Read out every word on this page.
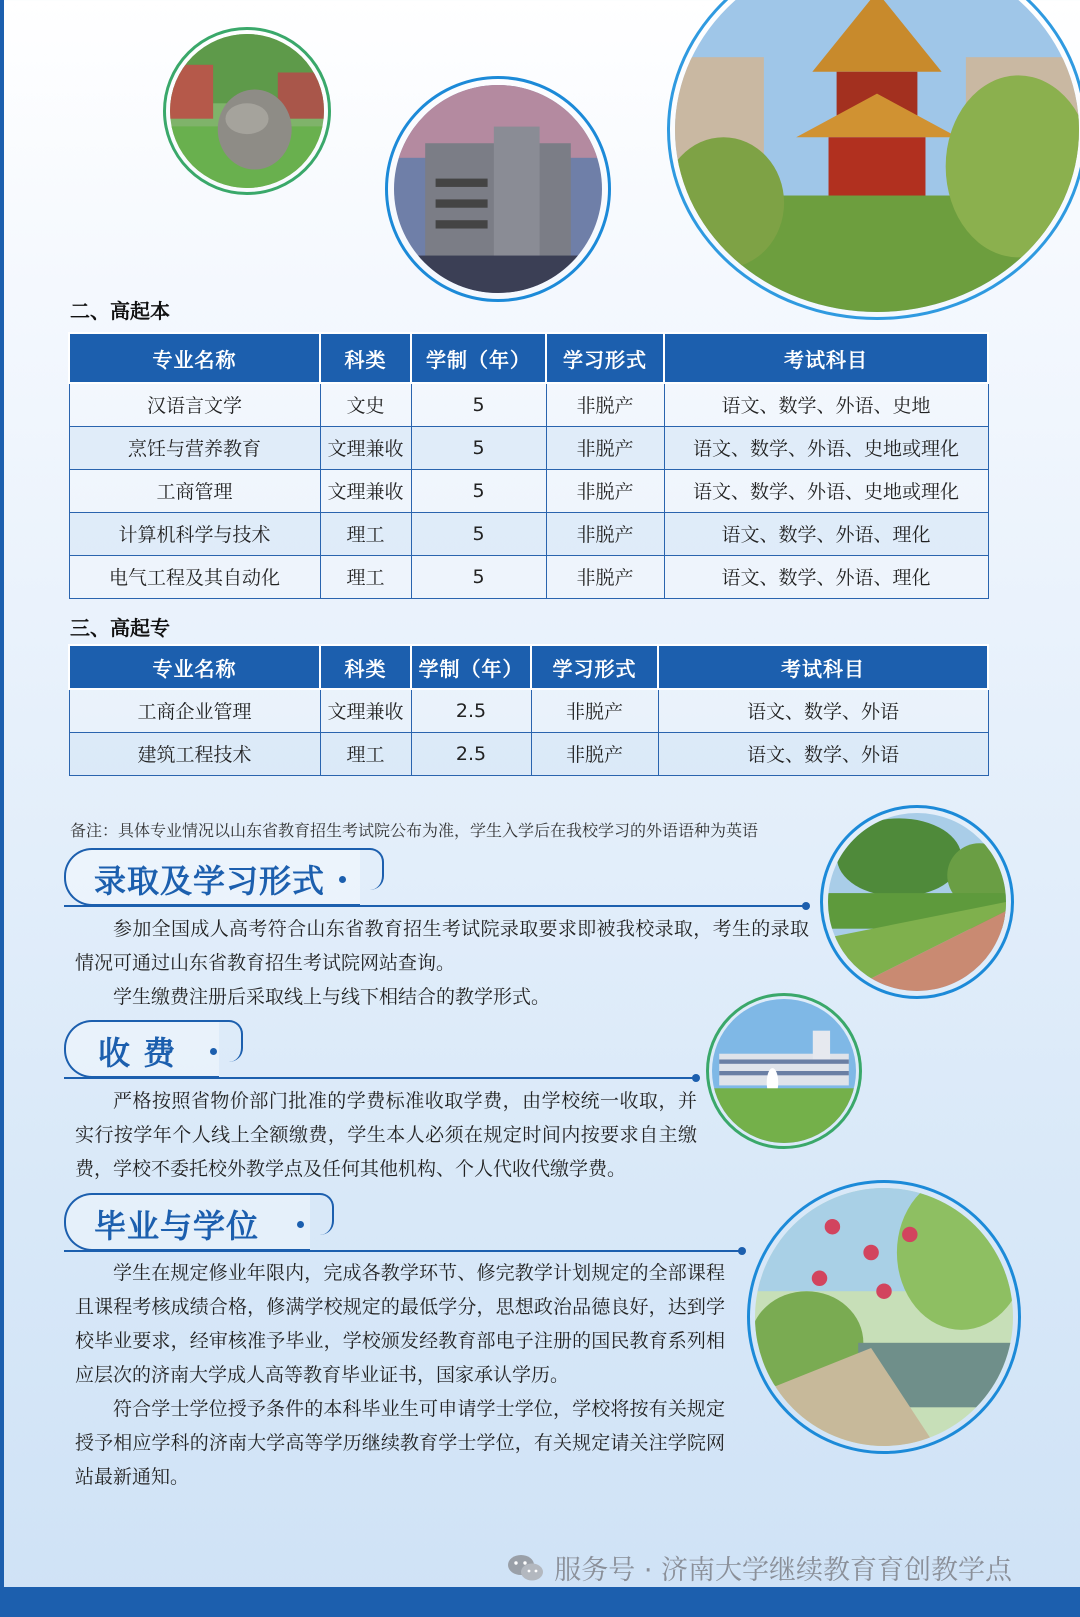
二、高起本
专业名称	科类	学制（年）	学习形式	考试科目
汉语言文学	文史	5	非脱产	语文、数学、外语、史地
烹饪与营养教育	文理兼收	5	非脱产	语文、数学、外语、史地或理化
工商管理	文理兼收	5	非脱产	语文、数学、外语、史地或理化
计算机科学与技术	理工	5	非脱产	语文、数学、外语、理化
电气工程及其自动化	理工	5	非脱产	语文、数学、外语、理化
三、高起专
专业名称	科类	学制（年）	学习形式	考试科目
工商企业管理	文理兼收	2.5	非脱产	语文、数学、外语
建筑工程技术	理工	2.5	非脱产	语文、数学、外语
备注：具体专业情况以山东省教育招生考试院公布为准，学生入学后在我校学习的外语语种为英语
录取及学习形式
参加全国成人高考符合山东省教育招生考试院录取要求即被我校录取，考生的录取情况可通过山东省教育招生考试院网站查询。
学生缴费注册后采取线上与线下相结合的教学形式。
收 费
严格按照省物价部门批准的学费标准收取学费，由学校统一收取，并实行按学年个人线上全额缴费，学生本人必须在规定时间内按要求自主缴费，学校不委托校外教学点及任何其他机构、个人代收代缴学费。
毕业与学位
学生在规定修业年限内，完成各教学环节、修完教学计划规定的全部课程且课程考核成绩合格，修满学校规定的最低学分，思想政治品德良好，达到学校毕业要求，经审核准予毕业，学校颁发经教育部电子注册的国民教育系列相应层次的济南大学成人高等教育毕业证书，国家承认学历。
符合学士学位授予条件的本科毕业生可申请学士学位，学校将按有关规定授予相应学科的济南大学高等学历继续教育学士学位，有关规定请关注学院网站最新通知。
服务号 · 济南大学继续教育育创教学点
